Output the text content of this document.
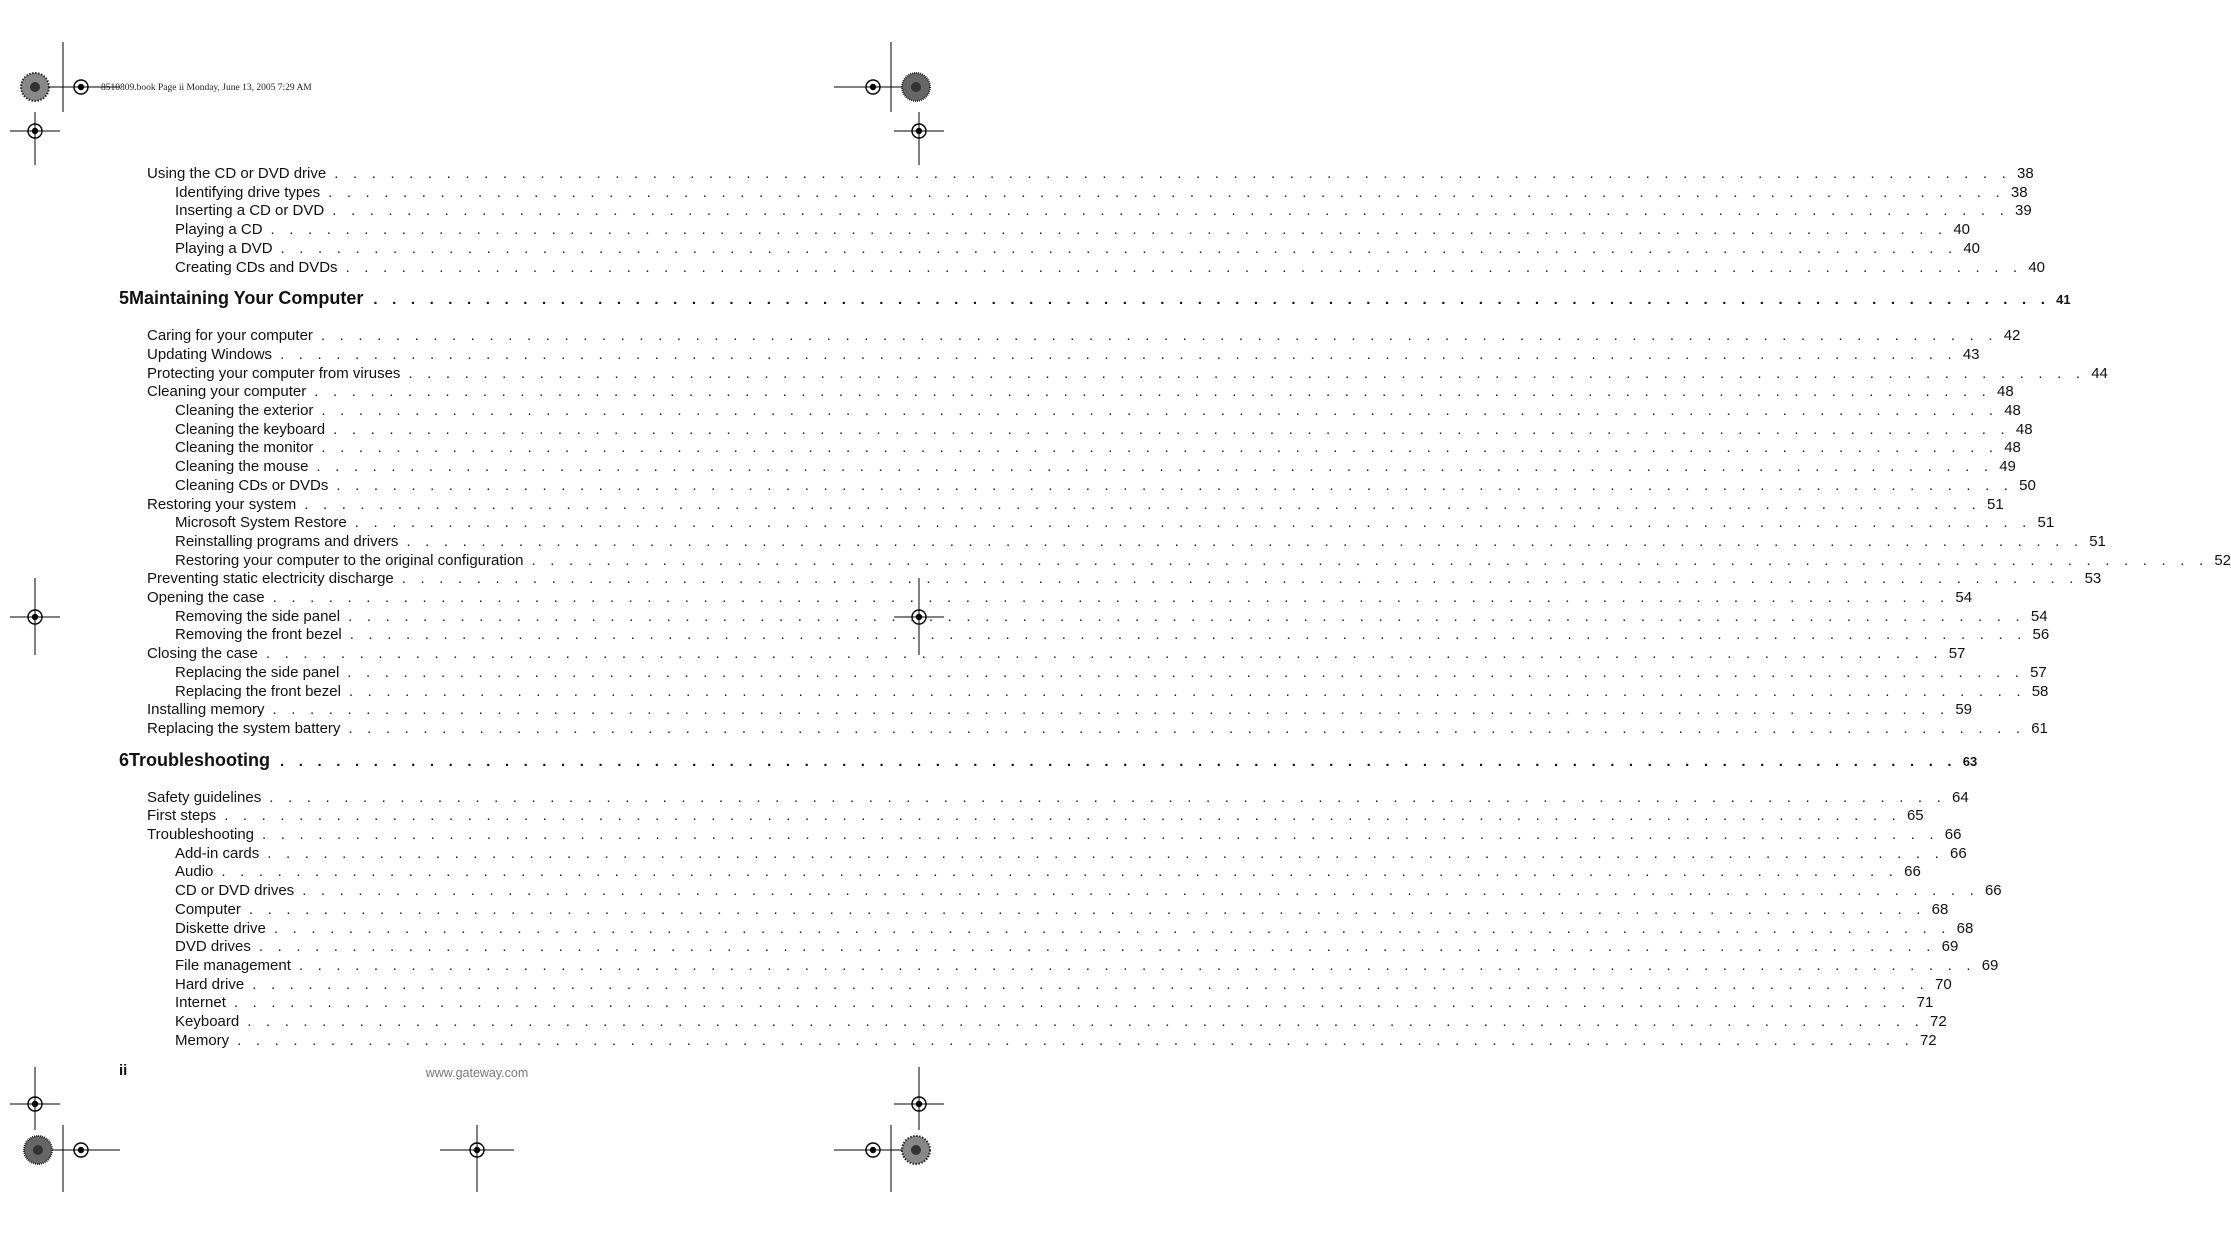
8510809.book Page ii Monday, June 13, 2005 7:29 AM
Using the CD or DVD drive . . . . . . . . . . . . . . . . . . . . . . . . . . . . . . . . . . . . . . . . . . . . . . . . . . . . . . . . . . . . . . . . . . . . . . . . . . . . . . . . . . . . . . . . . . 38
Identifying drive types . . . . . . . . . . . . . . . . . . . . . . . . . . . . . . . . . . . . . . . . . . . . . . . . . . . . . . . . . . . . . . . . . . . . . . . . . . . . . . . . . . . . . . . . . . 38
Inserting a CD or DVD . . . . . . . . . . . . . . . . . . . . . . . . . . . . . . . . . . . . . . . . . . . . . . . . . . . . . . . . . . . . . . . . . . . . . . . . . . . . . . . . . . . . . . . . . . 39
Playing a CD . . . . . . . . . . . . . . . . . . . . . . . . . . . . . . . . . . . . . . . . . . . . . . . . . . . . . . . . . . . . . . . . . . . . . . . . . . . . . . . . . . . . . . . . . . 40
Playing a DVD . . . . . . . . . . . . . . . . . . . . . . . . . . . . . . . . . . . . . . . . . . . . . . . . . . . . . . . . . . . . . . . . . . . . . . . . . . . . . . . . . . . . . . . . . . 40
Creating CDs and DVDs . . . . . . . . . . . . . . . . . . . . . . . . . . . . . . . . . . . . . . . . . . . . . . . . . . . . . . . . . . . . . . . . . . . . . . . . . . . . . . . . . . . . . . . . . . 40
5 Maintaining Your Computer . . . . . . . . . . . . . . . . . . . . . . . . . . . . . . . . . . . . . . . . . . . . . . . . . . . . . . . . . . . . . . . . . . . . . . . . . . . . . . . . . . . . . . . . . . 41
Caring for your computer . . . . . . . . . . . . . . . . . . . . . . . . . . . . . . . . . . . . . . . . . . . . . . . . . . . . . . . . . . . . . . . . . . . . . . . . . . . . . . . . . . . . . . . . . . 42
Updating Windows . . . . . . . . . . . . . . . . . . . . . . . . . . . . . . . . . . . . . . . . . . . . . . . . . . . . . . . . . . . . . . . . . . . . . . . . . . . . . . . . . . . . . . . . . . 43
Protecting your computer from viruses . . . . . . . . . . . . . . . . . . . . . . . . . . . . . . . . . . . . . . . . . . . . . . . . . . . . . . . . . . . . . . . . . . . . . . . . . . . . . . . . . . . . . . . . . . 44
Cleaning your computer . . . . . . . . . . . . . . . . . . . . . . . . . . . . . . . . . . . . . . . . . . . . . . . . . . . . . . . . . . . . . . . . . . . . . . . . . . . . . . . . . . . . . . . . . . 48
Cleaning the exterior . . . . . . . . . . . . . . . . . . . . . . . . . . . . . . . . . . . . . . . . . . . . . . . . . . . . . . . . . . . . . . . . . . . . . . . . . . . . . . . . . . . . . . . . . . 48
Cleaning the keyboard . . . . . . . . . . . . . . . . . . . . . . . . . . . . . . . . . . . . . . . . . . . . . . . . . . . . . . . . . . . . . . . . . . . . . . . . . . . . . . . . . . . . . . . . . . 48
Cleaning the monitor . . . . . . . . . . . . . . . . . . . . . . . . . . . . . . . . . . . . . . . . . . . . . . . . . . . . . . . . . . . . . . . . . . . . . . . . . . . . . . . . . . . . . . . . . . 48
Cleaning the mouse . . . . . . . . . . . . . . . . . . . . . . . . . . . . . . . . . . . . . . . . . . . . . . . . . . . . . . . . . . . . . . . . . . . . . . . . . . . . . . . . . . . . . . . . . . 49
Cleaning CDs or DVDs . . . . . . . . . . . . . . . . . . . . . . . . . . . . . . . . . . . . . . . . . . . . . . . . . . . . . . . . . . . . . . . . . . . . . . . . . . . . . . . . . . . . . . . . . . 50
Restoring your system . . . . . . . . . . . . . . . . . . . . . . . . . . . . . . . . . . . . . . . . . . . . . . . . . . . . . . . . . . . . . . . . . . . . . . . . . . . . . . . . . . . . . . . . . . 51
Microsoft System Restore . . . . . . . . . . . . . . . . . . . . . . . . . . . . . . . . . . . . . . . . . . . . . . . . . . . . . . . . . . . . . . . . . . . . . . . . . . . . . . . . . . . . . . . . . . 51
Reinstalling programs and drivers . . . . . . . . . . . . . . . . . . . . . . . . . . . . . . . . . . . . . . . . . . . . . . . . . . . . . . . . . . . . . . . . . . . . . . . . . . . . . . . . . . . . . . . . . . 51
Restoring your computer to the original configuration . . . . . . . . . . . . . . . . . . . . . . . . . . . . . . . . . . . . . . . . . . . . . . . . . . . . . . . . . . . . . . . . . . . . . . . . . . . . . . . . . . . . . . . . . . 52
Preventing static electricity discharge . . . . . . . . . . . . . . . . . . . . . . . . . . . . . . . . . . . . . . . . . . . . . . . . . . . . . . . . . . . . . . . . . . . . . . . . . . . . . . . . . . . . . . . . . . 53
Opening the case . . . . . . . . . . . . . . . . . . . . . . . . . . . . . . . . . . . . . . . . . . . . . . . . . . . . . . . . . . . . . . . . . . . . . . . . . . . . . . . . . . . . . . . . . . 54
Removing the side panel . . . . . . . . . . . . . . . . . . . . . . . . . . . . . . . . . . . . . . . . . . . . . . . . . . . . . . . . . . . . . . . . . . . . . . . . . . . . . . . . . . . . . . . . . . 54
Removing the front bezel . . . . . . . . . . . . . . . . . . . . . . . . . . . . . . . . . . . . . . . . . . . . . . . . . . . . . . . . . . . . . . . . . . . . . . . . . . . . . . . . . . . . . . . . . . 56
Closing the case . . . . . . . . . . . . . . . . . . . . . . . . . . . . . . . . . . . . . . . . . . . . . . . . . . . . . . . . . . . . . . . . . . . . . . . . . . . . . . . . . . . . . . . . . . 57
Replacing the side panel . . . . . . . . . . . . . . . . . . . . . . . . . . . . . . . . . . . . . . . . . . . . . . . . . . . . . . . . . . . . . . . . . . . . . . . . . . . . . . . . . . . . . . . . . . 57
Replacing the front bezel . . . . . . . . . . . . . . . . . . . . . . . . . . . . . . . . . . . . . . . . . . . . . . . . . . . . . . . . . . . . . . . . . . . . . . . . . . . . . . . . . . . . . . . . . . 58
Installing memory . . . . . . . . . . . . . . . . . . . . . . . . . . . . . . . . . . . . . . . . . . . . . . . . . . . . . . . . . . . . . . . . . . . . . . . . . . . . . . . . . . . . . . . . . . 59
Replacing the system battery . . . . . . . . . . . . . . . . . . . . . . . . . . . . . . . . . . . . . . . . . . . . . . . . . . . . . . . . . . . . . . . . . . . . . . . . . . . . . . . . . . . . . . . . . . 61
6 Troubleshooting . . . . . . . . . . . . . . . . . . . . . . . . . . . . . . . . . . . . . . . . . . . . . . . . . . . . . . . . . . . . . . . . . . . . . . . . . . . . . . . . . . . . . . . . . . 63
Safety guidelines . . . . . . . . . . . . . . . . . . . . . . . . . . . . . . . . . . . . . . . . . . . . . . . . . . . . . . . . . . . . . . . . . . . . . . . . . . . . . . . . . . . . . . . . . . 64
First steps . . . . . . . . . . . . . . . . . . . . . . . . . . . . . . . . . . . . . . . . . . . . . . . . . . . . . . . . . . . . . . . . . . . . . . . . . . . . . . . . . . . . . . . . . . 65
Troubleshooting . . . . . . . . . . . . . . . . . . . . . . . . . . . . . . . . . . . . . . . . . . . . . . . . . . . . . . . . . . . . . . . . . . . . . . . . . . . . . . . . . . . . . . . . . . 66
Add-in cards . . . . . . . . . . . . . . . . . . . . . . . . . . . . . . . . . . . . . . . . . . . . . . . . . . . . . . . . . . . . . . . . . . . . . . . . . . . . . . . . . . . . . . . . . . 66
Audio . . . . . . . . . . . . . . . . . . . . . . . . . . . . . . . . . . . . . . . . . . . . . . . . . . . . . . . . . . . . . . . . . . . . . . . . . . . . . . . . . . . . . . . . . . 66
CD or DVD drives . . . . . . . . . . . . . . . . . . . . . . . . . . . . . . . . . . . . . . . . . . . . . . . . . . . . . . . . . . . . . . . . . . . . . . . . . . . . . . . . . . . . . . . . . . 66
Computer . . . . . . . . . . . . . . . . . . . . . . . . . . . . . . . . . . . . . . . . . . . . . . . . . . . . . . . . . . . . . . . . . . . . . . . . . . . . . . . . . . . . . . . . . . 68
Diskette drive . . . . . . . . . . . . . . . . . . . . . . . . . . . . . . . . . . . . . . . . . . . . . . . . . . . . . . . . . . . . . . . . . . . . . . . . . . . . . . . . . . . . . . . . . . 68
DVD drives . . . . . . . . . . . . . . . . . . . . . . . . . . . . . . . . . . . . . . . . . . . . . . . . . . . . . . . . . . . . . . . . . . . . . . . . . . . . . . . . . . . . . . . . . . 69
File management . . . . . . . . . . . . . . . . . . . . . . . . . . . . . . . . . . . . . . . . . . . . . . . . . . . . . . . . . . . . . . . . . . . . . . . . . . . . . . . . . . . . . . . . . . 69
Hard drive . . . . . . . . . . . . . . . . . . . . . . . . . . . . . . . . . . . . . . . . . . . . . . . . . . . . . . . . . . . . . . . . . . . . . . . . . . . . . . . . . . . . . . . . . . 70
Internet . . . . . . . . . . . . . . . . . . . . . . . . . . . . . . . . . . . . . . . . . . . . . . . . . . . . . . . . . . . . . . . . . . . . . . . . . . . . . . . . . . . . . . . . . . 71
Keyboard . . . . . . . . . . . . . . . . . . . . . . . . . . . . . . . . . . . . . . . . . . . . . . . . . . . . . . . . . . . . . . . . . . . . . . . . . . . . . . . . . . . . . . . . . . 72
Memory . . . . . . . . . . . . . . . . . . . . . . . . . . . . . . . . . . . . . . . . . . . . . . . . . . . . . . . . . . . . . . . . . . . . . . . . . . . . . . . . . . . . . . . . . . 72
ii	www.gateway.com
